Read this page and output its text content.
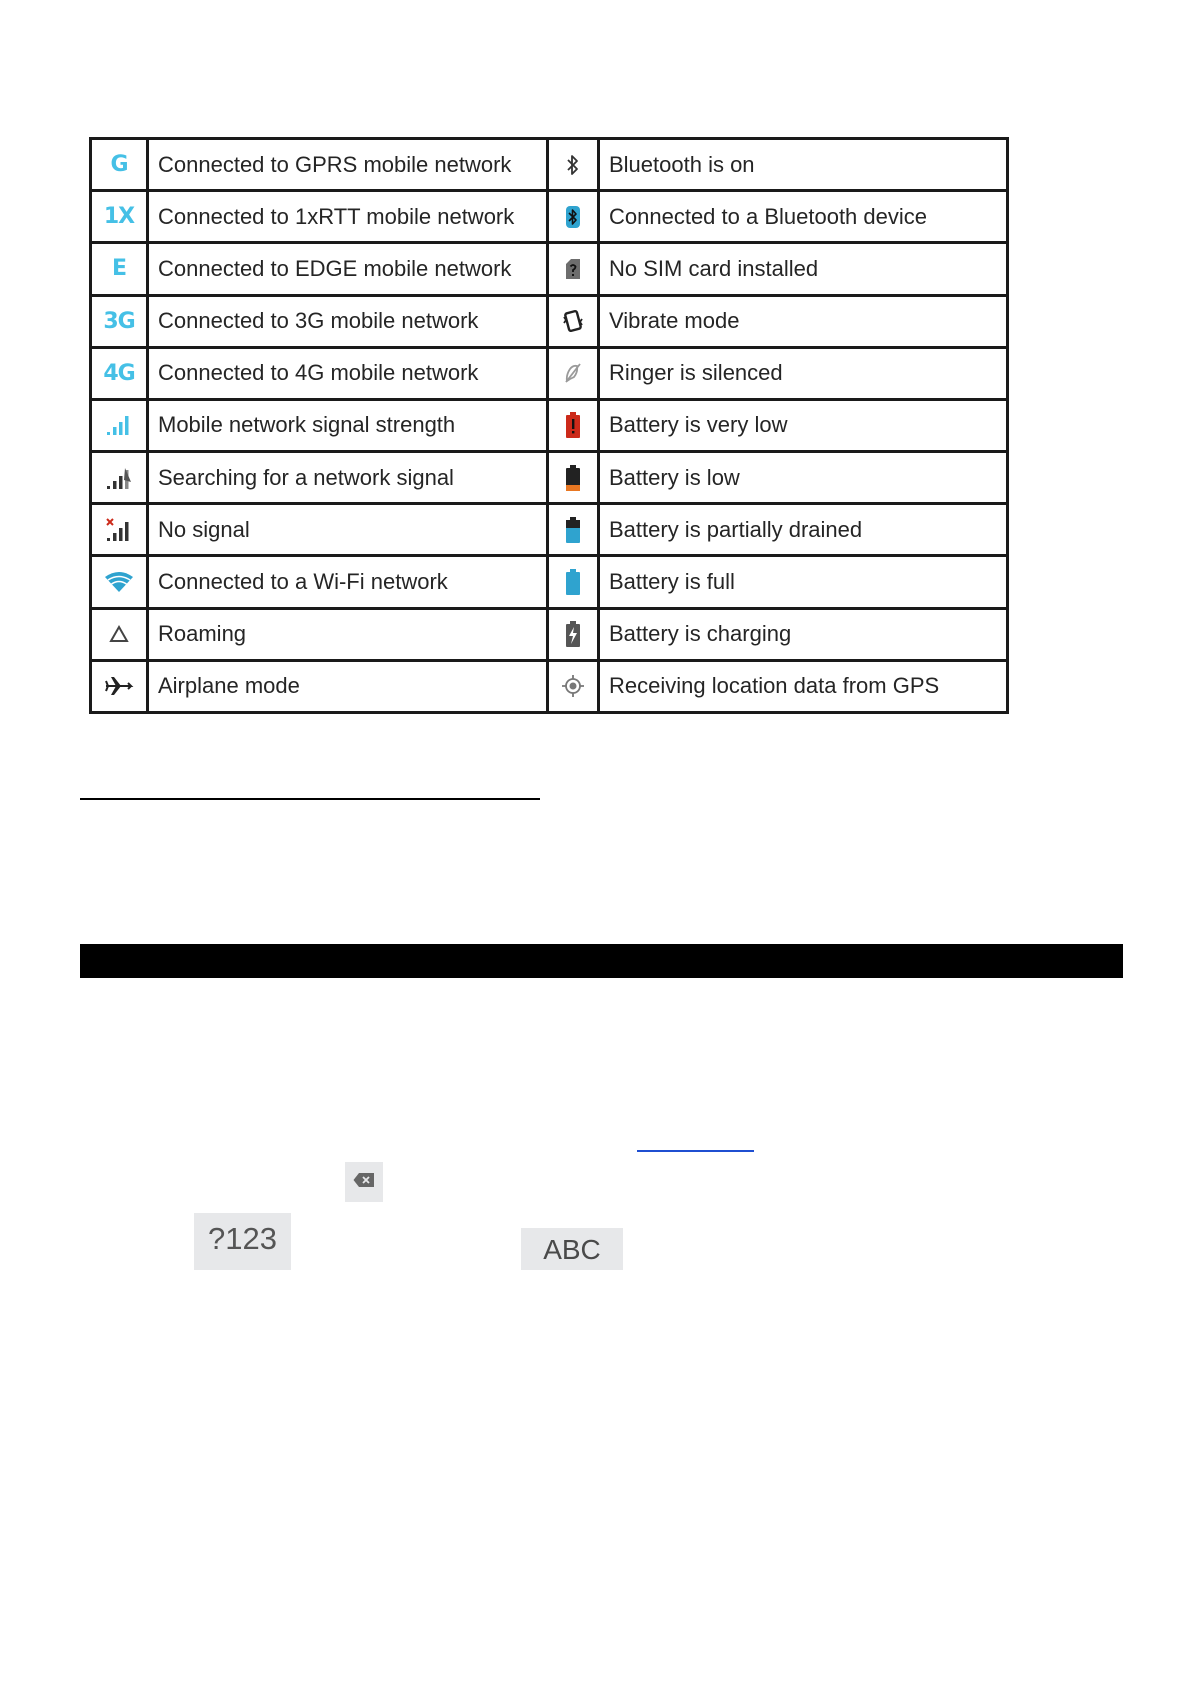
G	Connected to GPRS mobile network		Bluetooth is on
1X	Connected to 1xRTT mobile network		Connected to a Bluetooth device
E	Connected to EDGE mobile network		No SIM card installed
3G	Connected to 3G mobile network		Vibrate mode
4G	Connected to 4G mobile network		Ringer is silenced

	Mobile network signal strength		Battery is very low

	Searching for a network signal		Battery is low

	No signal		Battery is partially drained

	Connected to a Wi-Fi network		Battery is full

	Roaming		Battery is charging

	Airplane mode		Receiving location data from GPS
?123	ABC
